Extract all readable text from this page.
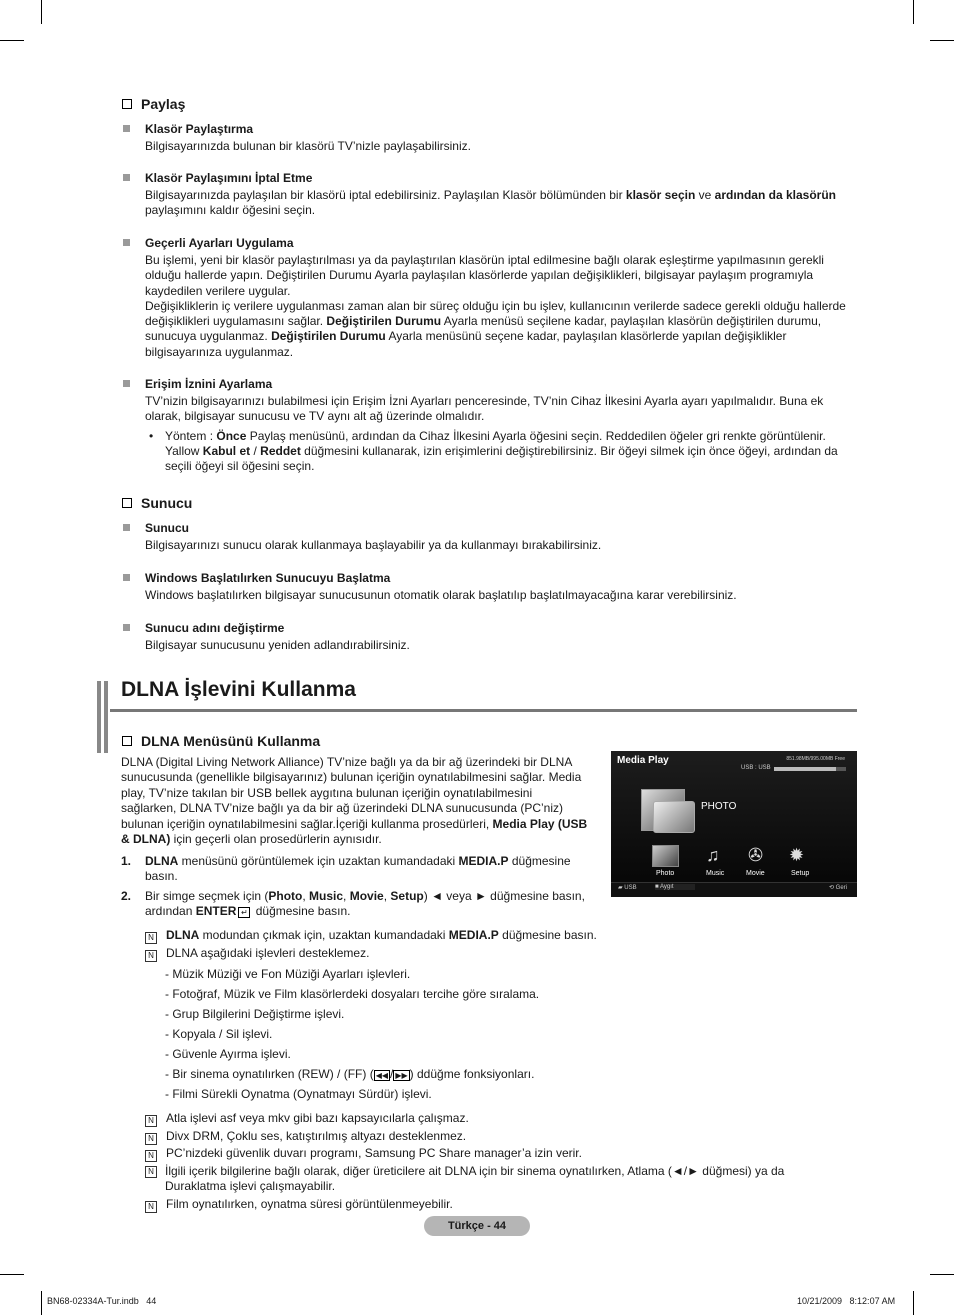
Paylaş
Klasör Paylaştırma
Bilgisayarınızda bulunan bir klasörü TV’nizle paylaşabilirsiniz.
Klasör Paylaşımını İptal Etme
Bilgisayarınızda paylaşılan bir klasörü iptal edebilirsiniz. Paylaşılan Klasör bölümünden bir klasör seçin ve ardından da klasörün paylaşımını kaldır öğesini seçin.
Geçerli Ayarları Uygulama
Bu işlemi, yeni bir klasör paylaştırılması ya da paylaştırılan klasörün iptal edilmesine bağlı olarak eşleştirme yapılmasının gerekli olduğu hallerde yapın. Değiştirilen Durumu Ayarla paylaşılan klasörlerde yapılan değişiklikleri, bilgisayar paylaşım programıyla kaydedilen verilere uygular.
Değişikliklerin iç verilere uygulanması zaman alan bir süreç olduğu için bu işlev, kullanıcının verilerde sadece gerekli olduğu hallerde değişiklikleri uygulamasını sağlar. Değiştirilen Durumu Ayarla menüsü seçilene kadar, paylaşılan klasörün değiştirilen durumu, sunucuya uygulanmaz. Değiştirilen Durumu Ayarla menüsünü seçene kadar, paylaşılan klasörlerde yapılan değişiklikler bilgisayarınıza uygulanmaz.
Erişim İznini Ayarlama
TV’nizin bilgisayarınızı bulabilmesi için Erişim İzni Ayarları penceresinde, TV’nin Cihaz İlkesini Ayarla ayarı yapılmalıdır. Buna ek olarak, bilgisayar sunucusu ve TV aynı alt ağ üzerinde olmalıdır.
• Yöntem : Önce Paylaş menüsünü, ardından da Cihaz İlkesini Ayarla öğesini seçin. Reddedilen öğeler gri renkte görüntülenir. Yallow Kabul et / Reddet düğmesini kullanarak, izin erişimlerini değiştirebilirsiniz. Bir öğeyi silmek için önce öğeyi, ardından da seçili öğeyi sil öğesini seçin.
Sunucu
Sunucu
Bilgisayarınızı sunucu olarak kullanmaya başlayabilir ya da kullanmayı bırakabilirsiniz.
Windows Başlatılırken Sunucuyu Başlatma
Windows başlatılırken bilgisayar sunucusunun otomatik olarak başlatılıp başlatılmayacağına karar verebilirsiniz.
Sunucu adını değiştirme
Bilgisayar sunucusunu yeniden adlandırabilirsiniz.
DLNA İşlevini Kullanma
DLNA Menüsünü Kullanma
DLNA (Digital Living Network Alliance) TV’nize bağlı ya da bir ağ üzerindeki bir DLNA sunucusunda (genellikle bilgisayarınız) bulunan içeriğin oynatılabilmesini sağlar. Media play, TV’nize takılan bir USB bellek aygıtına bulunan içeriğin oynatılabilmesini sağlarken, DLNA TV’nize bağlı ya da bir ağ üzerindeki DLNA sunucusunda (PC’niz) bulunan içeriğin oynatılabilmesini sağlar.İçeriği kullanma prosedürleri, Media Play (USB & DLNA) için geçerli olan prosedürlerin aynısıdır.
1.	DLNA menüsünü görüntülemek için uzaktan kumandadaki MEDIA.P düğmesine basın.
2.	Bir simge seçmek için (Photo, Music, Movie, Setup) ◄ veya ► düğmesine basın, ardından ENTER ↵ düğmesine basın.
N DLNA modundan çıkmak için, uzaktan kumandadaki MEDIA.P düğmesine basın.
N DLNA aşağıdaki işlevleri desteklemez.
- Müzik Müziği ve Fon Müziği Ayarları işlevleri.
- Fotoğraf, Müzik ve Film klasörlerdeki dosyaları tercihe göre sıralama.
- Grup Bilgilerini Değiştirme işlevi.
- Kopyala / Sil işlevi.
- Güvenle Ayırma işlevi.
- Bir sinema oynatılırken (REW) / (FF) ( ◀◀ / ▶▶ ) ddüğme fonksiyonları.
- Filmi Sürekli Oynatma (Oynatmayı Sürdür) işlevi.
N Atla işlevi asf veya mkv gibi bazı kapsayıcılarla çalışmaz.
N Divx DRM, Çoklu ses, katıştırılmış altyazı desteklenmez.
N PC’nizdeki güvenlik duvarı programı, Samsung PC Share manager’a izin verir.
N İlgili içerik bilgilerine bağlı olarak, diğer üreticilere ait DLNA için bir sinema oynatılırken, Atlama (◄/► düğmesi) ya da Duraklatma işlevi çalışmayabilir.
N Film oynatılırken, oynatma süresi görüntülenmeyebilir.
Media Play	851.98MB/995.00MB Free
USB : USB
PHOTO
♫ ✇ ✹
Photo	Music	Movie	Setup
▰ USB	■ Aygıt	⟲ Geri
Türkçe - 44
BN68-02334A-Tur.indb   44	10/21/2009   8:12:07 AM
